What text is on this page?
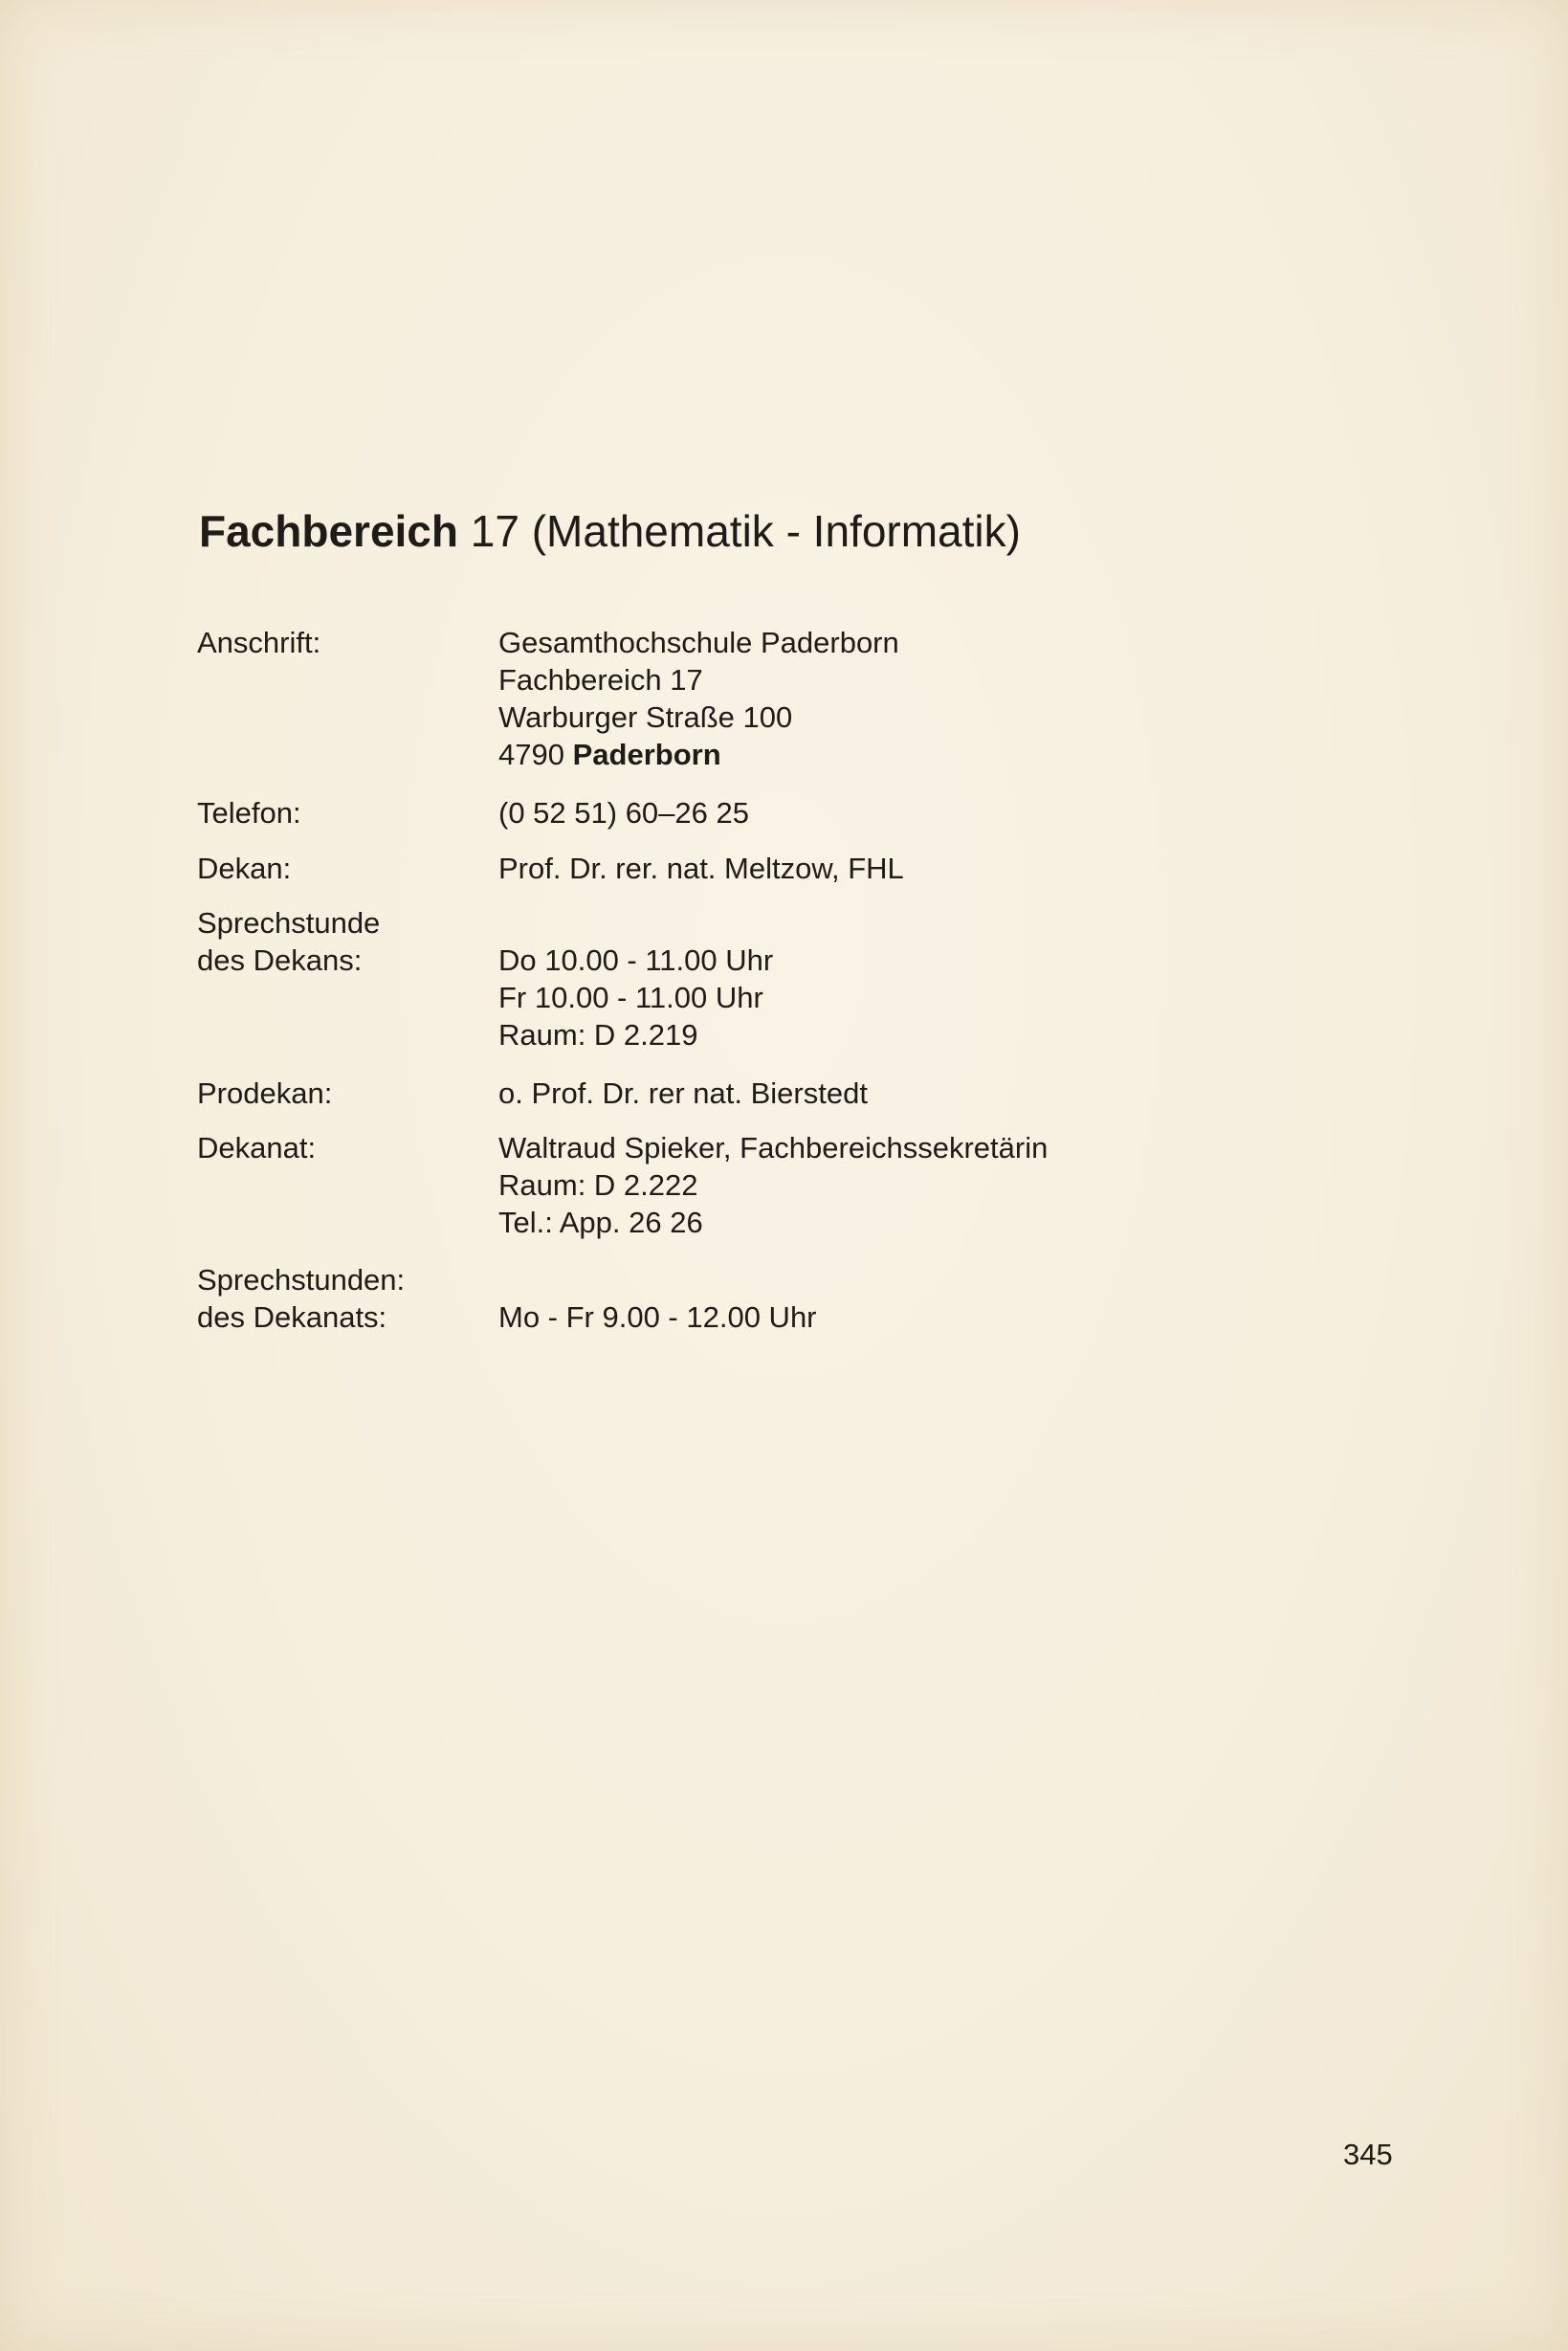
Fachbereich 17 (Mathematik - Informatik)
Anschrift:	Gesamthochschule Paderborn
Fachbereich 17
Warburger Straße 100
4790 Paderborn
Telefon:	(0 52 51) 60–26 25
Dekan:	Prof. Dr. rer. nat. Meltzow, FHL
Sprechstunde
des Dekans:	Do 10.00 - 11.00 Uhr
Fr 10.00 - 11.00 Uhr
Raum: D 2.219
Prodekan:	o. Prof. Dr. rer nat. Bierstedt
Dekanat:	Waltraud Spieker, Fachbereichssekretärin
Raum: D 2.222
Tel.: App. 26 26
Sprechstunden:
des Dekanats:	Mo - Fr 9.00 - 12.00 Uhr
345
